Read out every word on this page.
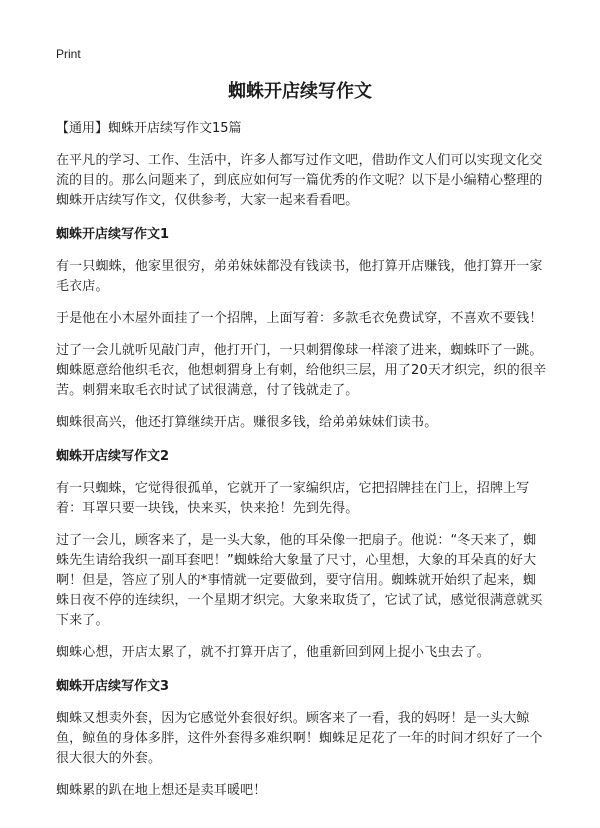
Print
蜘蛛开店续写作文
【通用】蜘蛛开店续写作文15篇

在平凡的学习、工作、生活中，许多人都写过作文吧，借助作文人们可以实现文化交流的目的。那么问题来了，到底应如何写一篇优秀的作文呢？以下是小编精心整理的蜘蛛开店续写作文，仅供参考，大家一起来看看吧。

蜘蛛开店续写作文1

有一只蜘蛛，他家里很穷，弟弟妹妹都没有钱读书，他打算开店赚钱，他打算开一家毛衣店。

于是他在小木屋外面挂了一个招牌，上面写着：多款毛衣免费试穿，不喜欢不要钱！

过了一会儿就听见敲门声，他打开门，一只刺猬像球一样滚了进来，蜘蛛吓了一跳。蜘蛛愿意给他织毛衣，他想刺猬身上有刺，给他织三层，用了20天才织完，织的很辛苦。刺猬来取毛衣时试了试很满意，付了钱就走了。

蜘蛛很高兴，他还打算继续开店。赚很多钱，给弟弟妹妹们读书。

蜘蛛开店续写作文2

有一只蜘蛛，它觉得很孤单，它就开了一家编织店，它把招牌挂在门上，招牌上写着：耳罩只要一块钱，快来买，快来抢！先到先得。

过了一会儿，顾客来了，是一头大象，他的耳朵像一把扇子。他说：“冬天来了，蜘蛛先生请给我织一副耳套吧！”蜘蛛给大象量了尺寸，心里想，大象的耳朵真的好大啊！但是，答应了别人的*事情就一定要做到，要守信用。蜘蛛就开始织了起来，蜘蛛日夜不停的连续织，一个星期才织完。大象来取货了，它试了试，感觉很满意就买下来了。

蜘蛛心想，开店太累了，就不打算开店了，他重新回到网上捉小飞虫去了。

蜘蛛开店续写作文3

蜘蛛又想卖外套，因为它感觉外套很好织。顾客来了一看，我的妈呀！是一头大鲸鱼，鲸鱼的身体多胖，这件外套得多难织啊！蜘蛛足足花了一年的时间才织好了一个很大很大的外套。

蜘蛛累的趴在地上想还是卖耳暖吧！
